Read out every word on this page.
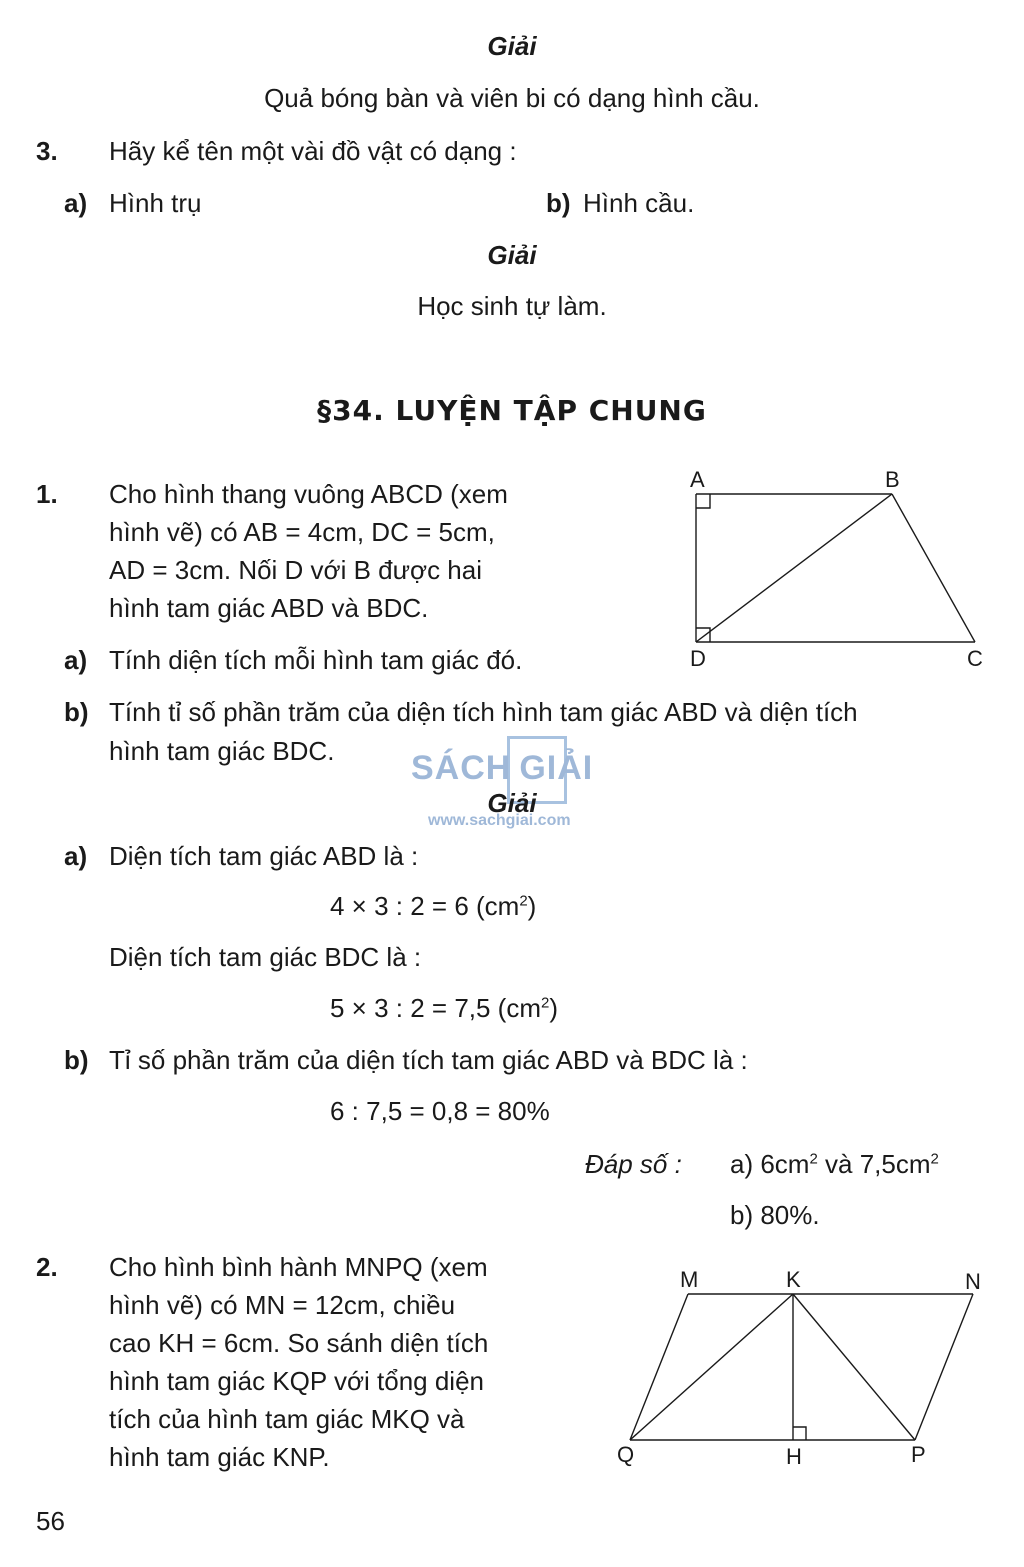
Giải
Quả bóng bàn và viên bi có dạng hình cầu.
3. Hãy kể tên một vài đồ vật có dạng :
a) Hình trụ	b) Hình cầu.
Giải
Học sinh tự làm.
§34. LUYỆN TẬP CHUNG
1. Cho hình thang vuông ABCD (xem
hình vẽ) có AB = 4cm, DC = 5cm,
AD = 3cm. Nối D với B được hai
hình tam giác ABD và BDC.
A	B
D	C
a) Tính diện tích mỗi hình tam giác đó.
b) Tính tỉ số phần trăm của diện tích hình tam giác ABD và diện tích
hình tam giác BDC. SÁCH GIẢI
Giải
www.sachgiai.com
a) Diện tích tam giác ABD là :
4 × 3 : 2 = 6 $(cm^2)$
Diện tích tam giác BDC là :
5 × 3 : 2 = 7,5 $(cm^2)$
b) Tỉ số phần trăm của diện tích tam giác ABD và BDC là :
6 : 7,5 = 0,8 = 80%
Đáp số : a) $6cm^2$ và $7,5cm^2$
b) 80%.
2. Cho hình bình hành MNPQ (xem
hình vẽ) có MN = 12cm, chiều
cao KH = 6cm. So sánh diện tích
hình tam giác KQP với tổng diện
tích của hình tam giác MKQ và
hình tam giác KNP.
M	K	N
Q	H	P
56
